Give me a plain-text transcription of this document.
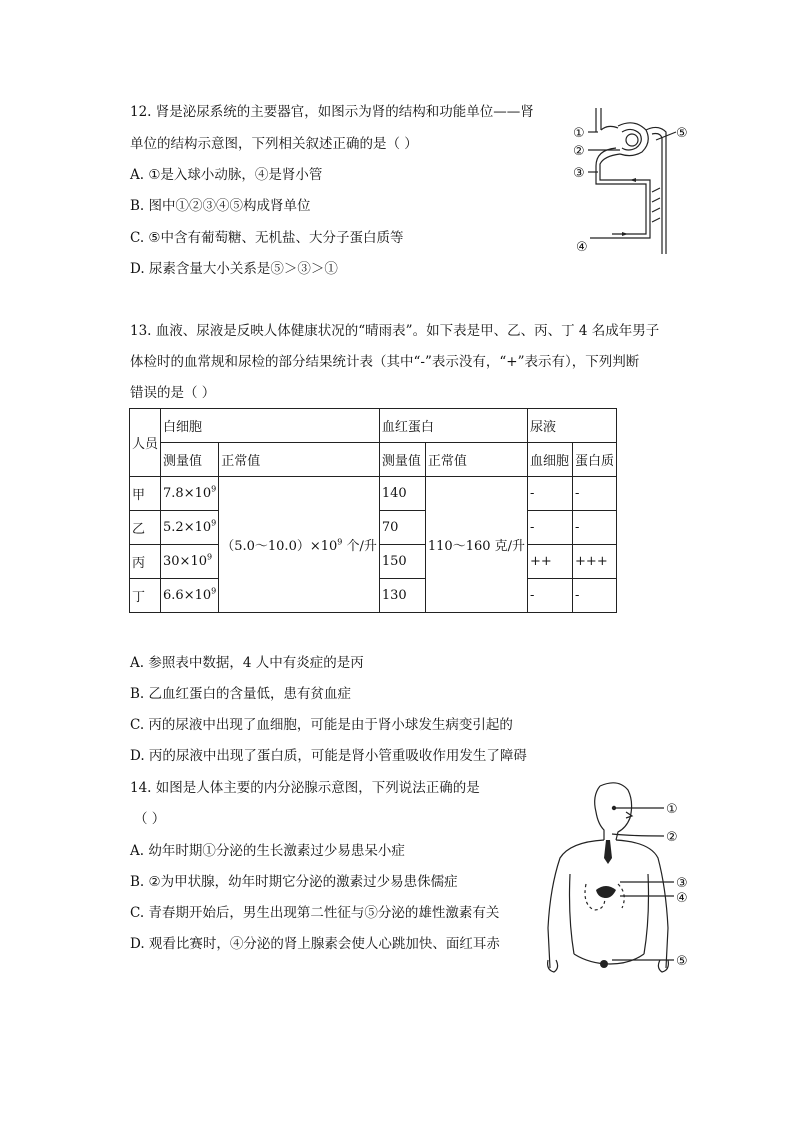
12. 肾是泌尿系统的主要器官，如图示为肾的结构和功能单位——肾
单位的结构示意图，下列相关叙述正确的是（ ）
A. ①是入球小动脉，④是肾小管
B. 图中①②③④⑤构成肾单位
C. ⑤中含有葡萄糖、无机盐、大分子蛋白质等
D. 尿素含量大小关系是⑤＞③＞①
①
②
③
④
⑤
13. 血液、尿液是反映人体健康状况的“晴雨表”。如下表是甲、乙、丙、丁 4 名成年男子
体检时的血常规和尿检的部分结果统计表（其中“-”表示没有，“+”表示有），下列判断
错误的是（ ）
人员	白细胞		血红蛋白		尿液	
	测量值	正常值	测量值	正常值	血细胞	蛋白质
甲	$7.8\times 10^9$	$(5.0\sim 10.0)\times 10^9$ 个/升	140	110～160 克/升	-	-
乙	$5.2\times 10^9$		70		-	-
丙	$30\times 10^9$		150		++	+++
丁	$6.6\times 10^9$		130		-	-
A. 参照表中数据，4 人中有炎症的是丙
B. 乙血红蛋白的含量低，患有贫血症
C. 丙的尿液中出现了血细胞，可能是由于肾小球发生病变引起的
D. 丙的尿液中出现了蛋白质，可能是肾小管重吸收作用发生了障碍
14. 如图是人体主要的内分泌腺示意图，下列说法正确的是
（ ）
A. 幼年时期①分泌的生长激素过少易患呆小症
B. ②为甲状腺，幼年时期它分泌的激素过少易患侏儒症
C. 青春期开始后，男生出现第二性征与⑤分泌的雄性激素有关
D. 观看比赛时，④分泌的肾上腺素会使人心跳加快、面红耳赤
①
②
③
④
⑤
